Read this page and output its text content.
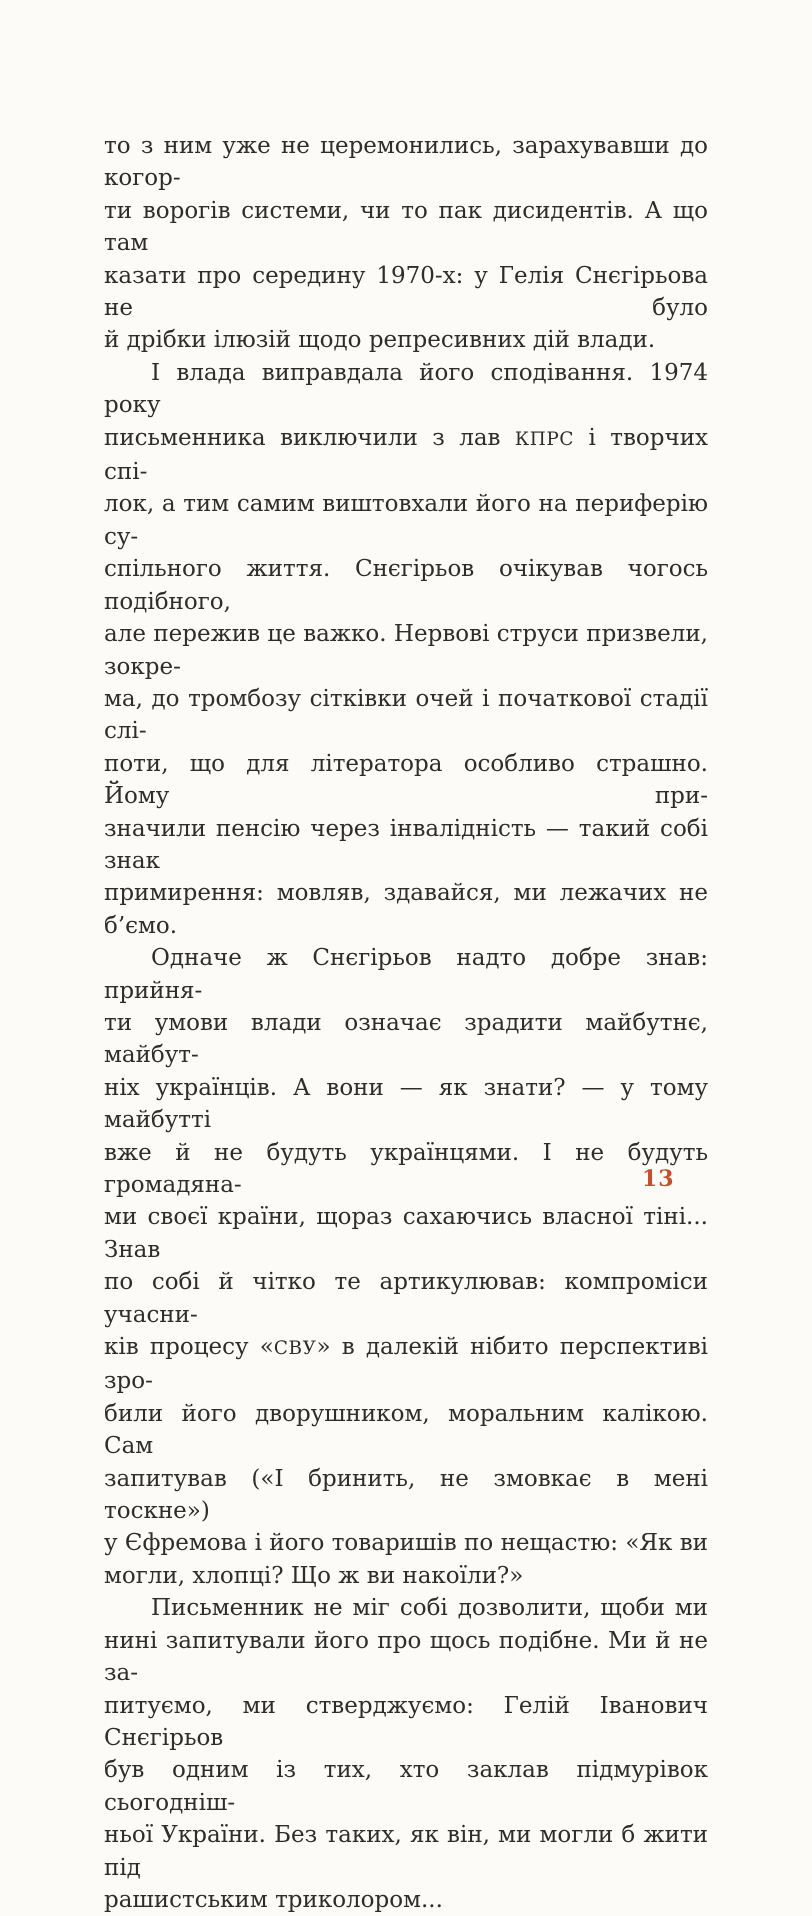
то з ним уже не церемонились, зарахувавши до когор-
ти ворогів системи, чи то пак дисидентів. А що там
казати про середину 1970-х: у Гелія Снєгірьова не було
й дрібки ілюзій щодо репресивних дій влади.
І влада виправдала його сподівання. 1974 року
письменника виключили з лав КПРС і творчих спі-
лок, а тим самим виштовхали його на периферію су-
спільного життя. Снєгірьов очікував чогось подібного,
але пережив це важко. Нервові струси призвели, зокре-
ма, до тромбозу сітківки очей і початкової стадії слі-
поти, що для літератора особливо страшно. Йому при-
значили пенсію через інвалідність — такий собі знак
примирення: мовляв, здавайся, ми лежачих не б’ємо.
Одначе ж Снєгірьов надто добре знав: прийня-
ти умови влади означає зрадити майбутнє, майбут-
ніх українців. А вони — як знати? — у тому майбутті
вже й не будуть українцями. І не будуть громадяна-
ми своєї країни, щораз сахаючись власної тіні... Знав
по собі й чітко те артикулював: компроміси учасни-
ків процесу «СВУ» в далекій нібито перспективі зро-
били його дворушником, моральним калікою. Сам
запитував («І бринить, не змовкає в мені тоскне»)
у Єфремова і його товаришів по нещастю: «Як ви
могли, хлопці? Що ж ви накоїли?»
Письменник не міг собі дозволити, щоби ми
нині запитували його про щось подібне. Ми й не за-
питуємо, ми стверджуємо: Гелій Іванович Снєгірьов
був одним із тих, хто заклав підмурівок сьогодніш-
ньої України. Без таких, як він, ми могли б жити під
рашистським триколором...
13
